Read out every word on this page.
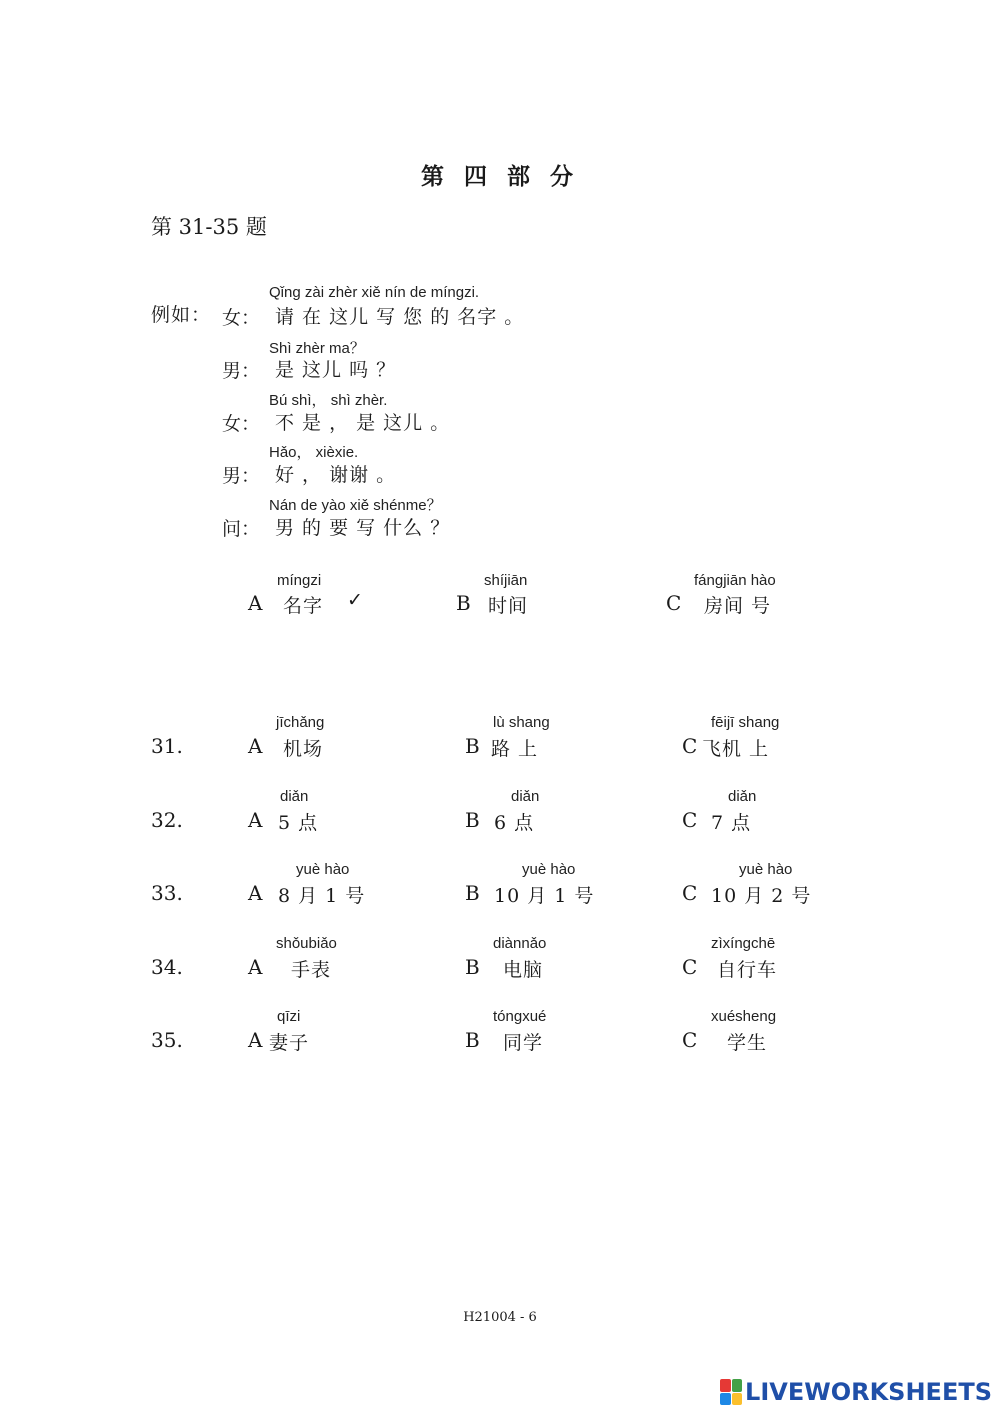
第 四 部 分
第 31-35 题
例如：
Qǐng zài zhèr xiě nín de míngzi.
女： 请 在 这儿 写 您 的 名字 。
Shì zhèr ma？
男： 是 这儿 吗 ？
Bú shì， shì zhèr.
女： 不 是 ， 是 这儿 。
Hǎo， xièxie.
男： 好 ， 谢谢 。
Nán de yào xiě shénme？
问： 男 的 要 写 什么 ？
míngzi
A 名字 ✓
shíjiān
B 时间
fángjiān hào
C 房间 号
31.
jīchǎng
A 机场
lù shang
B 路 上
fēijī shang
C 飞机 上
32.
diǎn
A 5 点
diǎn
B 6 点
diǎn
C 7 点
33.
yuè hào
A 8 月 1 号
yuè hào
B 10 月 1 号
yuè hào
C 10 月 2 号
34.
shǒubiǎo
A 手表
diànnǎo
B 电脑
zìxíngchē
C 自行车
35.
qīzi
A 妻子
tóngxué
B 同学
xuésheng
C 学生
H21004 - 6
LIVEWORKSHEETS
